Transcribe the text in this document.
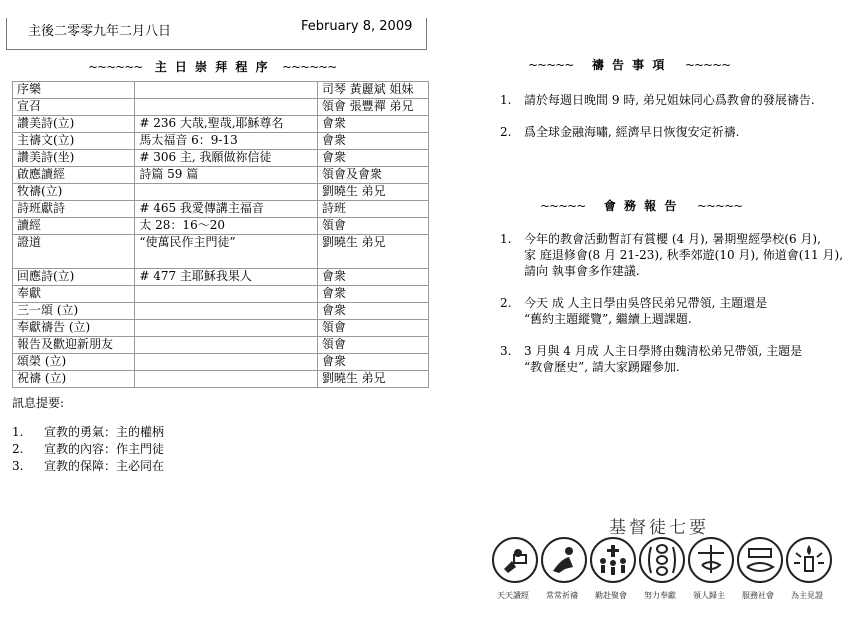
主後二零零九年二月八日	February 8, 2009
~~~~~~ 主 日 崇 拜 程 序 ~~~~~~
序樂		司琴 黃麗斌 姐妹
宣召		領會 張豐禪 弟兄
讚美詩(立)	# 236 大哉,聖哉,耶穌尊名	會衆
主禱文(立)	馬太福音 6：9-13	會衆
讚美詩(坐)	# 306 主, 我願做祢信徒	會衆
啟應讀經	詩篇 59 篇	領會及會衆
牧禱(立)		劉曉生 弟兄
詩班獻詩	# 465 我愛傳講主福音	詩班
讀經	太 28：16～20	領會
證道	“使萬民作主門徒”	劉曉生 弟兄
回應詩(立)	# 477 主耶穌我果人	會衆
奉獻		會衆
三一頌 (立)		會衆
奉獻禱告 (立)		領會
報告及歡迎新朋友		領會
頌榮 (立)		會衆
祝禱 (立)		劉曉生 弟兄
訊息提要:
1. 宣教的勇氣：主的權柄
2. 宣教的內容：作主門徒
3. 宣教的保障：主必同在
~~~~~ 禱 告 事 項 ~~~~~
1. 請於每週日晚間 9 時, 弟兄姐妹同心爲教會的發展禱告.
2. 爲全球金融海嘯, 經濟早日恢復安定祈禱.
~~~~~ 會 務 報 告 ~~~~~
1. 今年的教會活動暫訂有賞櫻 (4 月), 暑期聖經學校(6 月),
家 庭退修會(8 月 21-23), 秋季郊遊(10 月), 佈道會(11 月),
請向 執事會多作建議.
2. 今天 成 人主日學由吳啓民弟兄帶領, 主題還是
“舊約主題縱覽”, 繼續上週課題.
3. 3 月與 4 月成 人主日學將由魏清松弟兄帶領, 主題是
“教會歷史”, 請大家踴躍參加.
基督徒七要
天天讀經 常常祈禱 勤赴聚會 努力奉獻 領人歸主 服務社會 為主見證
